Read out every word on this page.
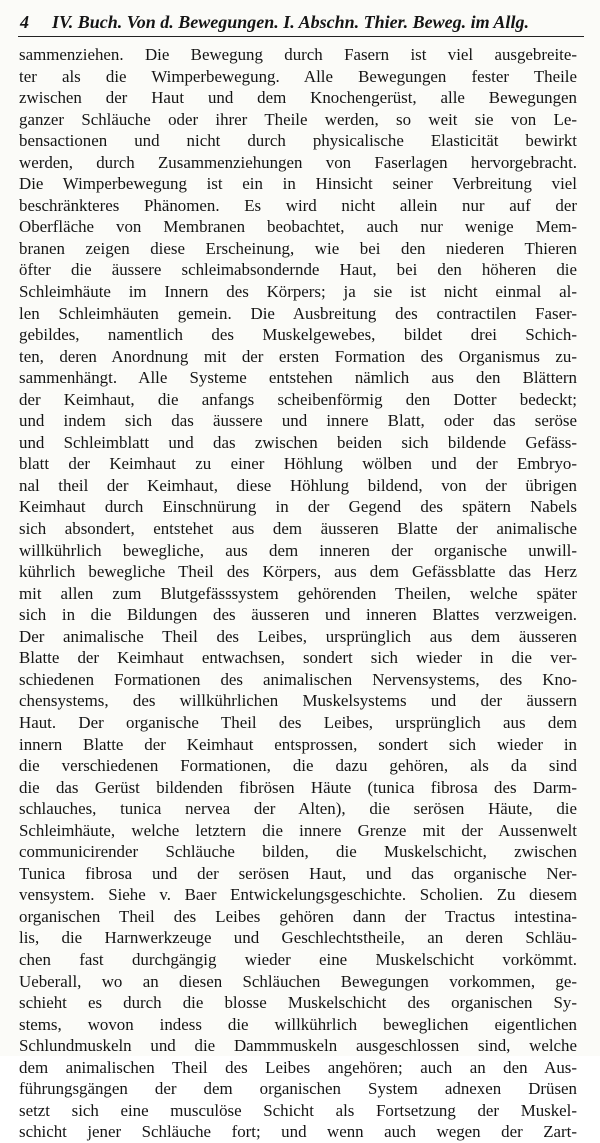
4 IV. Buch. Von d. Bewegungen. I. Abschn. Thier. Beweg. im Allg.
sammenziehen. Die Bewegung durch Fasern ist viel ausgebreite-
ter als die Wimperbewegung. Alle Bewegungen fester Theile
zwischen der Haut und dem Knochengerüst, alle Bewegungen
ganzer Schläuche oder ihrer Theile werden, so weit sie von Le-
bensactionen und nicht durch physicalische Elasticität bewirkt
werden, durch Zusammenziehungen von Faserlagen hervorgebracht.
Die Wimperbewegung ist ein in Hinsicht seiner Verbreitung viel
beschränkteres Phänomen. Es wird nicht allein nur auf der
Oberfläche von Membranen beobachtet, auch nur wenige Mem-
branen zeigen diese Erscheinung, wie bei den niederen Thieren
öfter die äussere schleimabsondernde Haut, bei den höheren die
Schleimhäute im Innern des Körpers; ja sie ist nicht einmal al-
len Schleimhäuten gemein. Die Ausbreitung des contractilen Faser-
gebildes, namentlich des Muskelgewebes, bildet drei Schich-
ten, deren Anordnung mit der ersten Formation des Organismus zu-
sammenhängt. Alle Systeme entstehen nämlich aus den Blättern
der Keimhaut, die anfangs scheibenförmig den Dotter bedeckt;
und indem sich das äussere und innere Blatt, oder das seröse
und Schleimblatt und das zwischen beiden sich bildende Gefäss-
blatt der Keimhaut zu einer Höhlung wölben und der Embryo-
nal theil der Keimhaut, diese Höhlung bildend, von der übrigen
Keimhaut durch Einschnürung in der Gegend des spätern Nabels
sich absondert, entstehet aus dem äusseren Blatte der animalische
willkührlich bewegliche, aus dem inneren der organische unwill-
kührlich bewegliche Theil des Körpers, aus dem Gefässblatte das Herz
mit allen zum Blutgefässsystem gehörenden Theilen, welche später
sich in die Bildungen des äusseren und inneren Blattes verzweigen.
Der animalische Theil des Leibes, ursprünglich aus dem äusseren
Blatte der Keimhaut entwachsen, sondert sich wieder in die ver-
schiedenen Formationen des animalischen Nervensystems, des Kno-
chensystems, des willkührlichen Muskelsystems und der äussern
Haut. Der organische Theil des Leibes, ursprünglich aus dem
innern Blatte der Keimhaut entsprossen, sondert sich wieder in
die verschiedenen Formationen, die dazu gehören, als da sind
die das Gerüst bildenden fibrösen Häute (tunica fibrosa des Darm-
schlauches, tunica nervea der Alten), die serösen Häute, die
Schleimhäute, welche letztern die innere Grenze mit der Aussenwelt
communicirender Schläuche bilden, die Muskelschicht, zwischen
Tunica fibrosa und der serösen Haut, und das organische Ner-
vensystem. Siehe v. Baer Entwickelungsgeschichte. Scholien. Zu diesem
organischen Theil des Leibes gehören dann der Tractus intestina-
lis, die Harnwerkzeuge und Geschlechtstheile, an deren Schläu-
chen fast durchgängig wieder eine Muskelschicht vorkömmt.
Ueberall, wo an diesen Schläuchen Bewegungen vorkommen, ge-
schieht es durch die blosse Muskelschicht des organischen Sy-
stems, wovon indess die willkührlich beweglichen eigentlichen
Schlundmuskeln und die Dammmuskeln ausgeschlossen sind, welche
dem animalischen Theil des Leibes angehören; auch an den Aus-
führungsgängen der dem organischen System adnexen Drüsen
setzt sich eine musculöse Schicht als Fortsetzung der Muskel-
schicht jener Schläuche fort; und wenn auch wegen der Zart-
